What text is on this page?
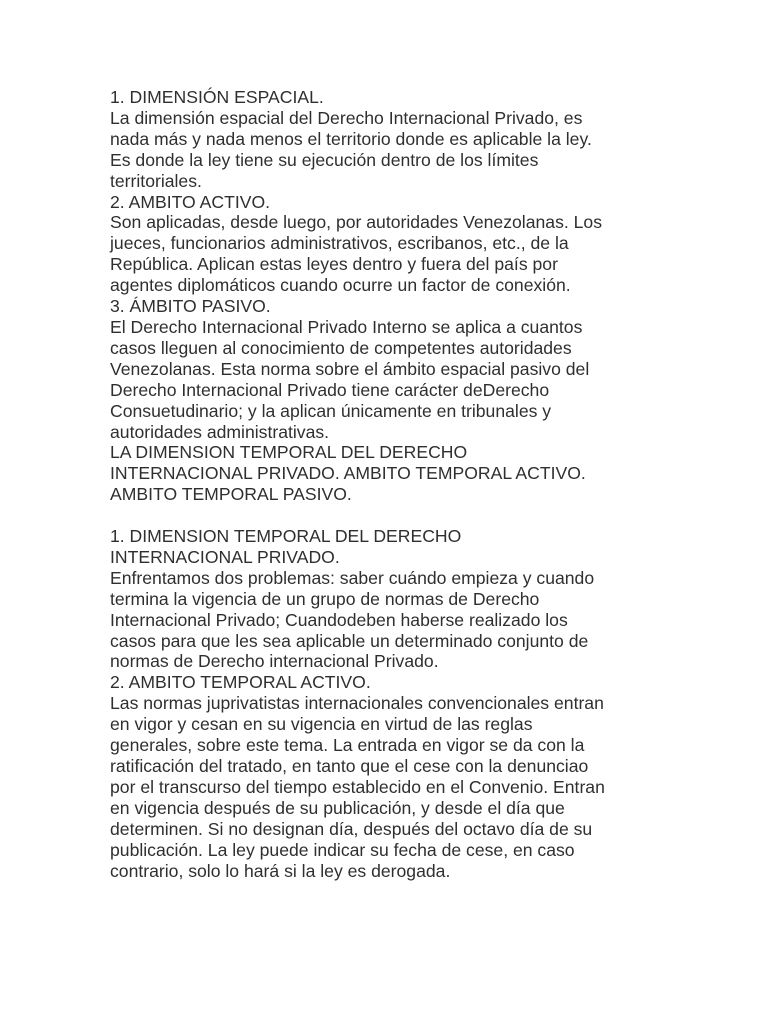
1. DIMENSIÓN ESPACIAL.
La dimensión espacial del Derecho Internacional Privado, es
nada más y nada menos el territorio donde es aplicable la ley.
Es donde la ley tiene su ejecución dentro de los límites
territoriales.
2. AMBITO ACTIVO.
Son aplicadas, desde luego, por autoridades Venezolanas. Los
jueces, funcionarios administrativos, escribanos, etc., de la
República. Aplican estas leyes dentro y fuera del país por
agentes diplomáticos cuando ocurre un factor de conexión.
3. ÁMBITO PASIVO.
El Derecho Internacional Privado Interno se aplica a cuantos
casos lleguen al conocimiento de competentes autoridades
Venezolanas. Esta norma sobre el ámbito espacial pasivo del
Derecho Internacional Privado tiene carácter deDerecho
Consuetudinario; y la aplican únicamente en tribunales y
autoridades administrativas.
LA DIMENSION TEMPORAL DEL DERECHO
INTERNACIONAL PRIVADO. AMBITO TEMPORAL ACTIVO.
AMBITO TEMPORAL PASIVO.
1. DIMENSION TEMPORAL DEL DERECHO
INTERNACIONAL PRIVADO.
Enfrentamos dos problemas: saber cuándo empieza y cuando
termina la vigencia de un grupo de normas de Derecho
Internacional Privado; Cuandodeben haberse realizado los
casos para que les sea aplicable un determinado conjunto de
normas de Derecho internacional Privado.
2. AMBITO TEMPORAL ACTIVO.
Las normas juprivatistas internacionales convencionales entran
en vigor y cesan en su vigencia en virtud de las reglas
generales, sobre este tema. La entrada en vigor se da con la
ratificación del tratado, en tanto que el cese con la denunciao
por el transcurso del tiempo establecido en el Convenio. Entran
en vigencia después de su publicación, y desde el día que
determinen. Si no designan día, después del octavo día de su
publicación. La ley puede indicar su fecha de cese, en caso
contrario, solo lo hará si la ley es derogada.
